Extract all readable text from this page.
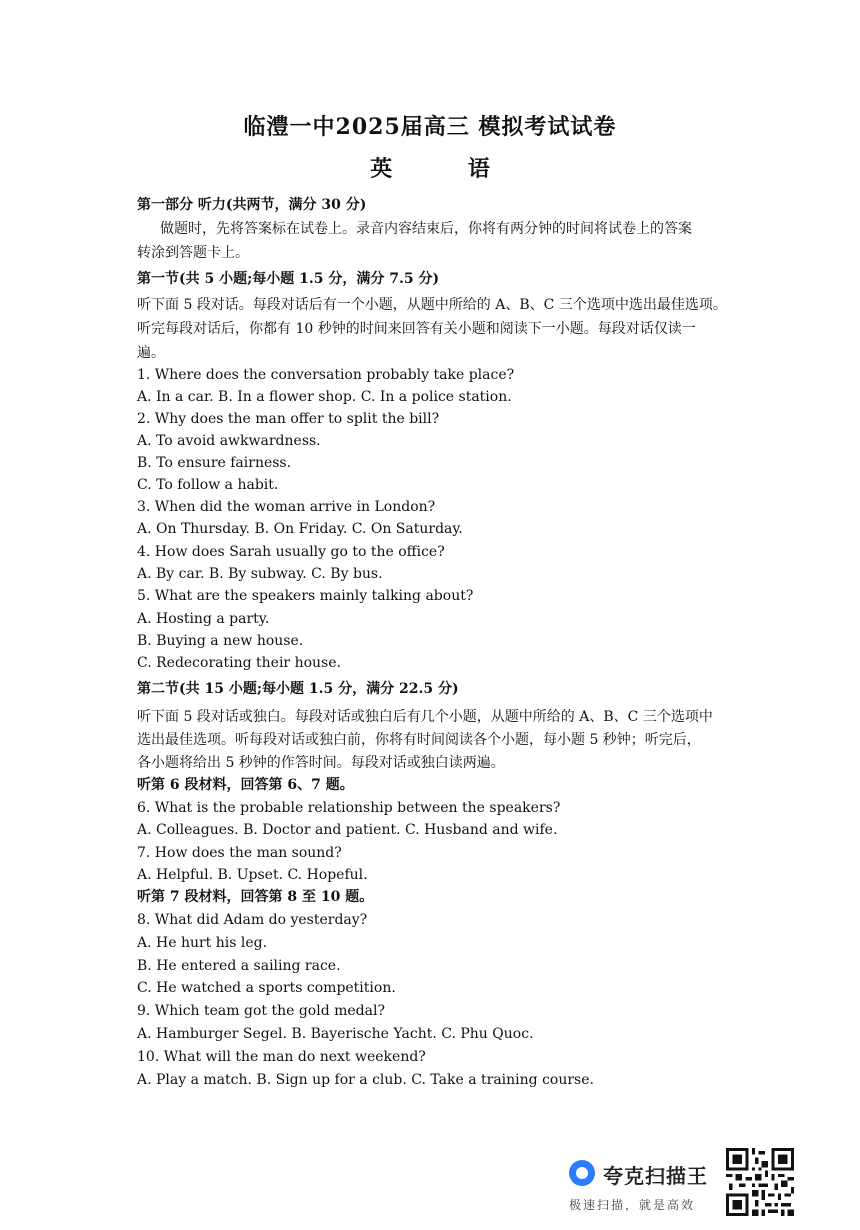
临澧一中2025届高三 模拟考试试卷
英	语
第一部分 听力(共两节，满分 30 分)
做题时，先将答案标在试卷上。录音内容结束后，你将有两分钟的时间将试卷上的答案
转涂到答题卡上。
第一节(共 5 小题;每小题 1.5 分，满分 7.5 分)
听下面 5 段对话。每段对话后有一个小题，从题中所给的 A、B、C 三个选项中选出最佳选项。
听完每段对话后，你都有 10 秒钟的时间来回答有关小题和阅读下一小题。每段对话仅读一
遍。
1. Where does the conversation probably take place?
A. In a car. B. In a flower shop. C. In a police station.
2. Why does the man offer to split the bill?
A. To avoid awkwardness.
B. To ensure fairness.
C. To follow a habit.
3. When did the woman arrive in London?
A. On Thursday. B. On Friday. C. On Saturday.
4. How does Sarah usually go to the office?
A. By car. B. By subway. C. By bus.
5. What are the speakers mainly talking about?
A. Hosting a party.
B. Buying a new house.
C. Redecorating their house.
第二节(共 15 小题;每小题 1.5 分，满分 22.5 分)
听下面 5 段对话或独白。每段对话或独白后有几个小题，从题中所给的 A、B、C 三个选项中
选出最佳选项。听每段对话或独白前，你将有时间阅读各个小题，每小题 5 秒钟；听完后，
各小题将给出 5 秒钟的作答时间。每段对话或独白读两遍。
听第 6 段材料，回答第 6、7 题。
6. What is the probable relationship between the speakers?
A. Colleagues. B. Doctor and patient. C. Husband and wife.
7. How does the man sound?
A. Helpful. B. Upset. C. Hopeful.
听第 7 段材料，回答第 8 至 10 题。
8. What did Adam do yesterday?
A. He hurt his leg.
B. He entered a sailing race.
C. He watched a sports competition.
9. Which team got the gold medal?
A. Hamburger Segel. B. Bayerische Yacht. C. Phu Quoc.
10. What will the man do next weekend?
A. Play a match. B. Sign up for a club. C. Take a training course.
夸克扫描王
极速扫描，就是高效
